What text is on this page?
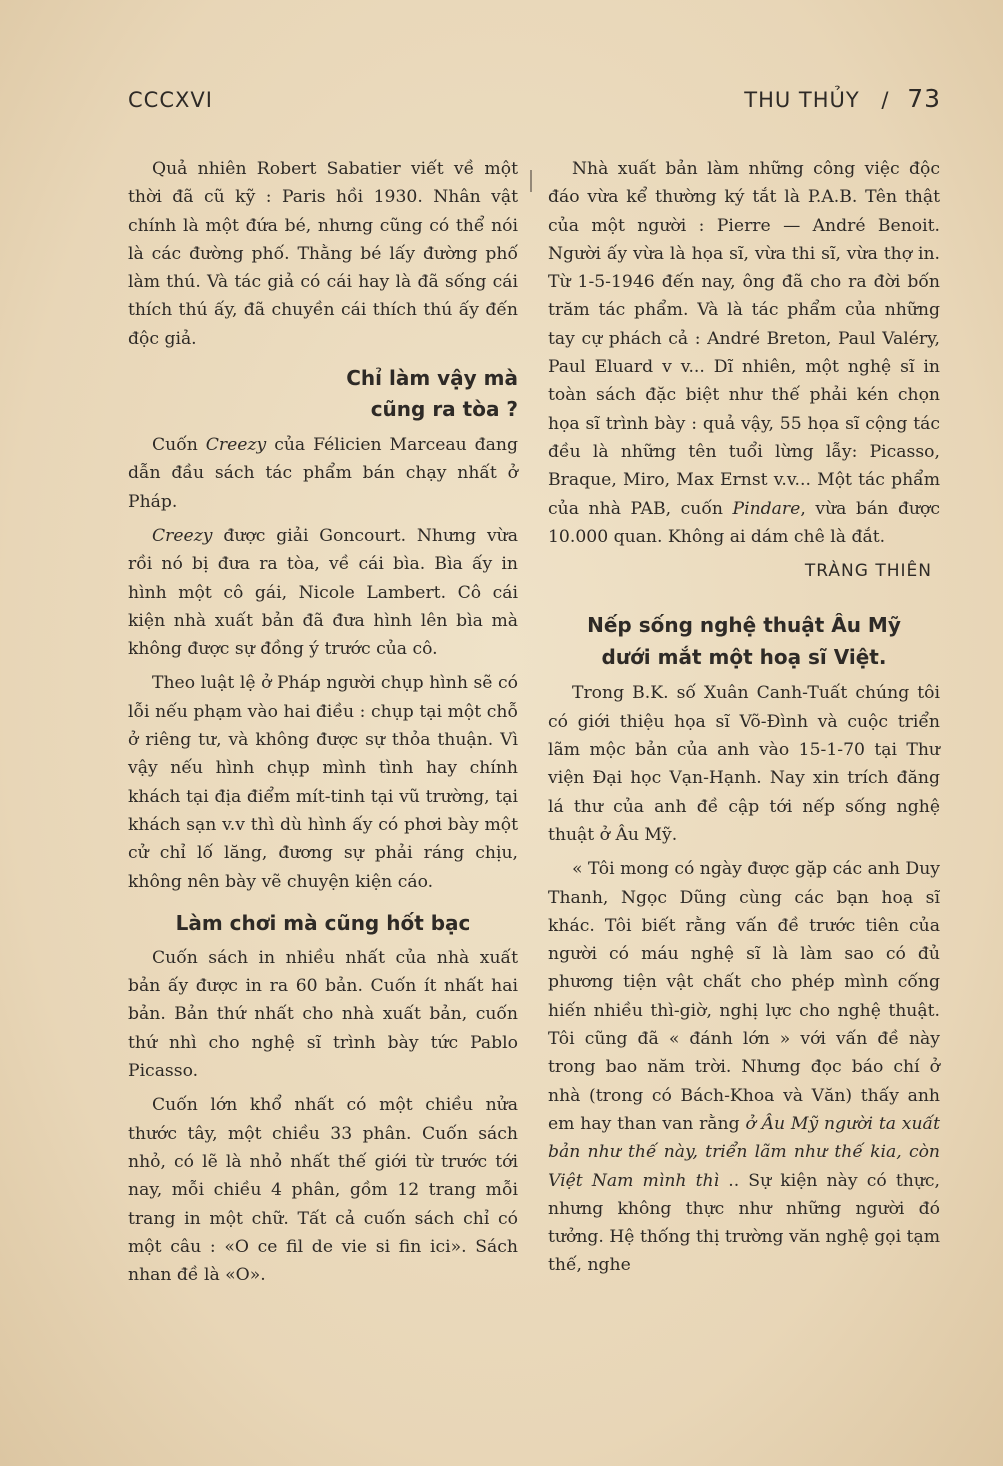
CCCXVI	THU THỦY / 73

Quả nhiên Robert Sabatier viết về một thời đã cũ kỹ : Paris hồi 1930. Nhân vật chính là một đứa bé, nhưng cũng có thể nói là các đường phố. Thằng bé lấy đường phố làm thú. Và tác giả có cái hay là đã sống cái thích thú ấy, đã chuyền cái thích thú ấy đến độc giả.

Chỉ làm vậy mà
cũng ra tòa ?

Cuốn Creezy của Félicien Marceau đang dẫn đầu sách tác phẩm bán chạy nhất ở Pháp.

Creezy được giải Goncourt. Nhưng vừa rồi nó bị đưa ra tòa, về cái bìa. Bìa ấy in hình một cô gái, Nicole Lambert. Cô cái kiện nhà xuất bản đã đưa hình lên bìa mà không được sự đồng ý trước của cô.

Theo luật lệ ở Pháp người chụp hình sẽ có lỗi nếu phạm vào hai điều : chụp tại một chỗ ở riêng tư, và không được sự thỏa thuận. Vì vậy nếu hình chụp mình tình hay chính khách tại địa điểm mít-tinh tại vũ trường, tại khách sạn v.v thì dù hình ấy có phơi bày một cử chỉ lố lăng, đương sự phải ráng chịu, không nên bày vẽ chuyện kiện cáo.

Làm chơi mà cũng hốt bạc

Cuốn sách in nhiều nhất của nhà xuất bản ấy được in ra 60 bản. Cuốn ít nhất hai bản. Bản thứ nhất cho nhà xuất bản, cuốn thứ nhì cho nghệ sĩ trình bày tức Pablo Picasso.

Cuốn lớn khổ nhất có một chiều nửa thước tây, một chiều 33 phân. Cuốn sách nhỏ, có lẽ là nhỏ nhất thế giới từ trước tới nay, mỗi chiều 4 phân, gồm 12 trang mỗi trang in một chữ. Tất cả cuốn sách chỉ có một câu : «O ce fil de vie si fin ici». Sách nhan đề là «O».

Nhà xuất bản làm những công việc độc đáo vừa kể thường ký tắt là P.A.B. Tên thật của một người : Pierre — André Benoit. Người ấy vừa là họa sĩ, vừa thi sĩ, vừa thợ in. Từ 1-5-1946 đến nay, ông đã cho ra đời bốn trăm tác phẩm. Và là tác phẩm của những tay cự phách cả : André Breton, Paul Valéry, Paul Eluard v v... Dĩ nhiên, một nghệ sĩ in toàn sách đặc biệt như thế phải kén chọn họa sĩ trình bày : quả vậy, 55 họa sĩ cộng tác đều là những tên tuổi lừng lẫy: Picasso, Braque, Miro, Max Ernst v.v... Một tác phẩm của nhà PAB, cuốn Pindare, vừa bán được 10.000 quan. Không ai dám chê là đắt.

TRÀNG THIÊN
Nếp sống nghệ thuật Âu Mỹ
dưới mắt một hoạ sĩ Việt.

Trong B.K. số Xuân Canh-Tuất chúng tôi có giới thiệu họa sĩ Võ-Đình và cuộc triển lãm mộc bản của anh vào 15-1-70 tại Thư viện Đại học Vạn-Hạnh. Nay xin trích đăng lá thư của anh đề cập tới nếp sống nghệ thuật ở Âu Mỹ.

« Tôi mong có ngày được gặp các anh Duy Thanh, Ngọc Dũng cùng các bạn hoạ sĩ khác. Tôi biết rằng vấn đề trước tiên của người có máu nghệ sĩ là làm sao có đủ phương tiện vật chất cho phép mình cống hiến nhiều thì-giờ, nghị lực cho nghệ thuật. Tôi cũng đã « đánh lớn » với vấn đề này trong bao năm trời. Nhưng đọc báo chí ở nhà (trong có Bách-Khoa và Văn) thấy anh em hay than van rằng ở Âu Mỹ người ta xuất bản như thế này, triển lãm như thế kia, còn Việt Nam mình thì .. Sự kiện này có thực, nhưng không thực như những người đó tưởng. Hệ thống thị trường văn nghệ gọi tạm thế, nghe
